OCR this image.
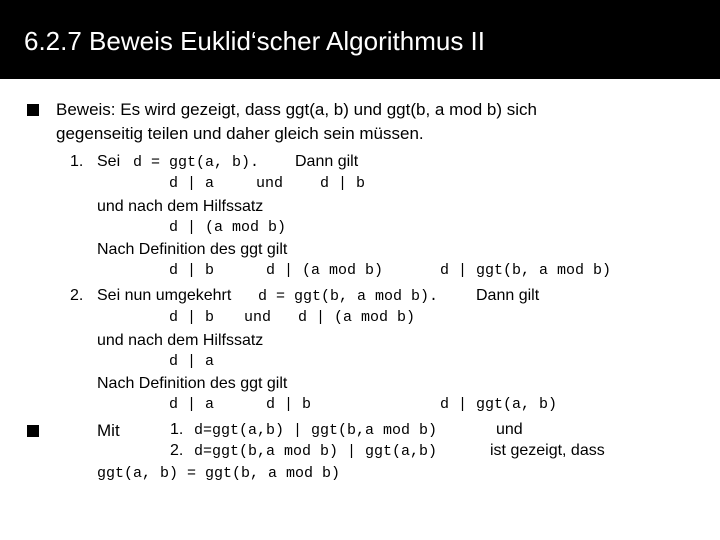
6.2.7 Beweis Euklid‘scher Algorithmus II
Beweis: Es wird gezeigt, dass ggt(a, b) und ggt(b, a mod b) sich
gegenseitig teilen und daher gleich sein müssen.
1. Sei d = ggt(a, b). Dann gilt
d | a	und d | b
und nach dem Hilfssatz
d | (a mod b)
Nach Definition des ggt gilt
d | b	d | (a mod b)	d | ggt(b, a mod b)
2. Sei nun umgekehrt d = ggt(b, a mod b). Dann gilt
d | b und d | (a mod b)
und nach dem Hilfssatz
d | a
Nach Definition des ggt gilt
d | a	d | b	d | ggt(a, b)
Mit	1. d=ggt(a,b) | ggt(b,a mod b)	und
2. d=ggt(b,a mod b) | ggt(a,b)	ist gezeigt, dass
ggt(a, b) = ggt(b, a mod b)
